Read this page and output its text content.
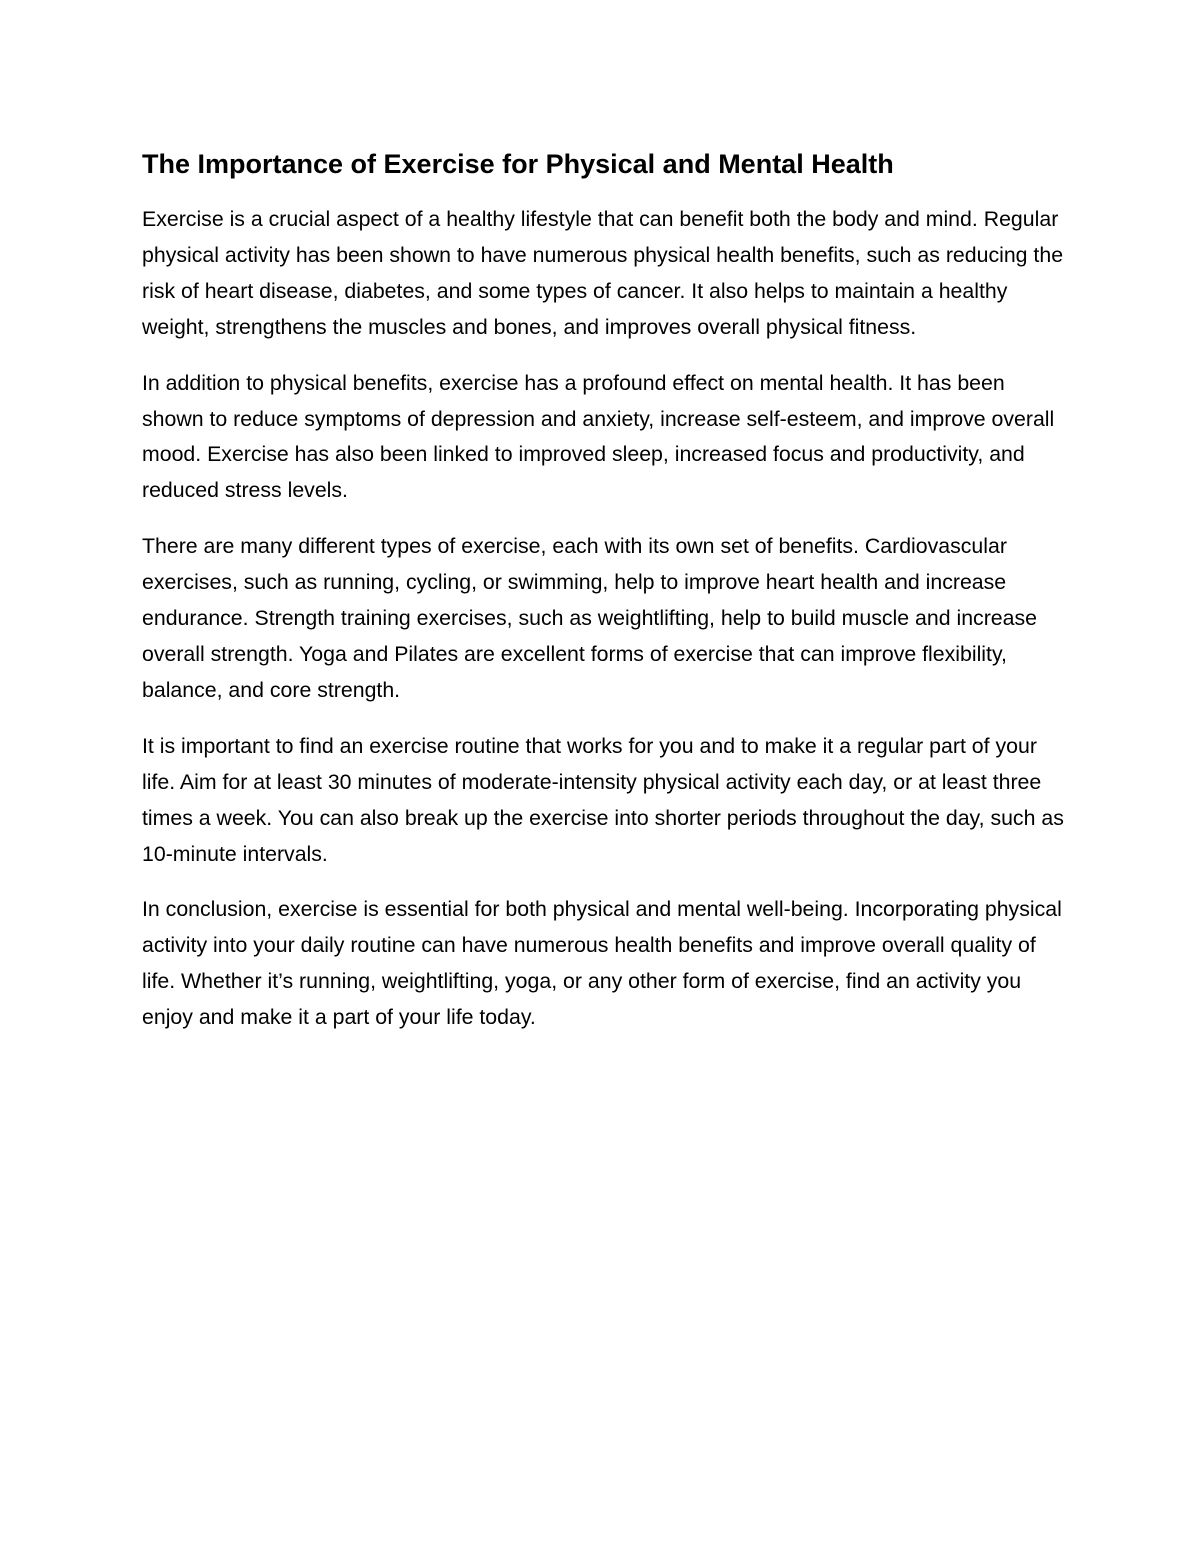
The Importance of Exercise for Physical and Mental Health

Exercise is a crucial aspect of a healthy lifestyle that can benefit both the body and mind. Regular physical activity has been shown to have numerous physical health benefits, such as reducing the risk of heart disease, diabetes, and some types of cancer. It also helps to maintain a healthy weight, strengthens the muscles and bones, and improves overall physical fitness.

In addition to physical benefits, exercise has a profound effect on mental health. It has been shown to reduce symptoms of depression and anxiety, increase self-esteem, and improve overall mood. Exercise has also been linked to improved sleep, increased focus and productivity, and reduced stress levels.

There are many different types of exercise, each with its own set of benefits. Cardiovascular exercises, such as running, cycling, or swimming, help to improve heart health and increase endurance. Strength training exercises, such as weightlifting, help to build muscle and increase overall strength. Yoga and Pilates are excellent forms of exercise that can improve flexibility, balance, and core strength.

It is important to find an exercise routine that works for you and to make it a regular part of your life. Aim for at least 30 minutes of moderate-intensity physical activity each day, or at least three times a week. You can also break up the exercise into shorter periods throughout the day, such as 10-minute intervals.

In conclusion, exercise is essential for both physical and mental well-being. Incorporating physical activity into your daily routine can have numerous health benefits and improve overall quality of life. Whether it’s running, weightlifting, yoga, or any other form of exercise, find an activity you enjoy and make it a part of your life today.
